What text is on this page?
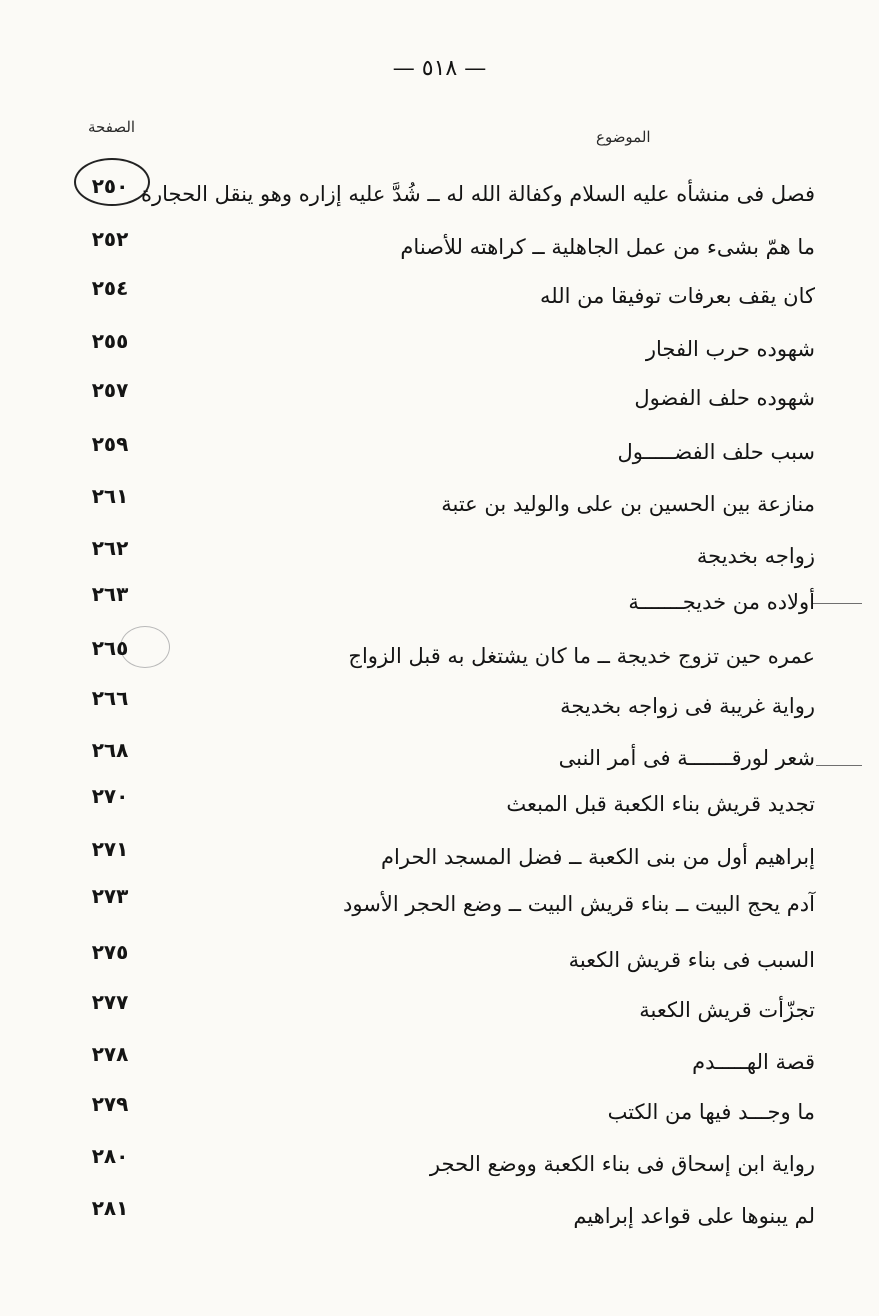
— ٥١٨ —
الصفحة
الموضوع
٢٥٠ فصل فى منشأه عليه السلام وكفالة الله له ــ شُدَّ عليه إزاره وهو ينقل الحجارة
٢٥٢	ما همّ بشىء من عمل الجاهلية ــ كراهته للأصنام
٢٥٤	كان يقف بعرفات توفيقا من الله
٢٥٥	شهوده حرب الفجار
٢٥٧	شهوده حلف الفضول
٢٥٩	سبب حلف الفضـــــول
٢٦١	منازعة بين الحسين بن على والوليد بن عتبة
٢٦٢	زواجه بخديجة
٢٦٣	أولاده من خديجـــــــة
٢٦٥	عمره حين تزوج خديجة ــ ما كان يشتغل به قبل الزواج
٢٦٦	رواية غريبة فى زواجه بخديجة
٢٦٨	شعر لورقـــــــة فى أمر النبى
٢٧٠	تجديد قريش بناء الكعبة قبل المبعث
٢٧١	إبراهيم أول من بنى الكعبة ــ فضل المسجد الحرام
٢٧٣	آدم يحج البيت ــ بناء قريش البيت ــ وضع الحجر الأسود
٢٧٥	السبب فى بناء قريش الكعبة
٢٧٧	تجزّأت قريش الكعبة
٢٧٨	قصة الهـــــدم
٢٧٩	ما وجـــد فيها من الكتب
٢٨٠	رواية ابن إسحاق فى بناء الكعبة ووضع الحجر
٢٨١	لم يبنوها على قواعد إبراهيم
